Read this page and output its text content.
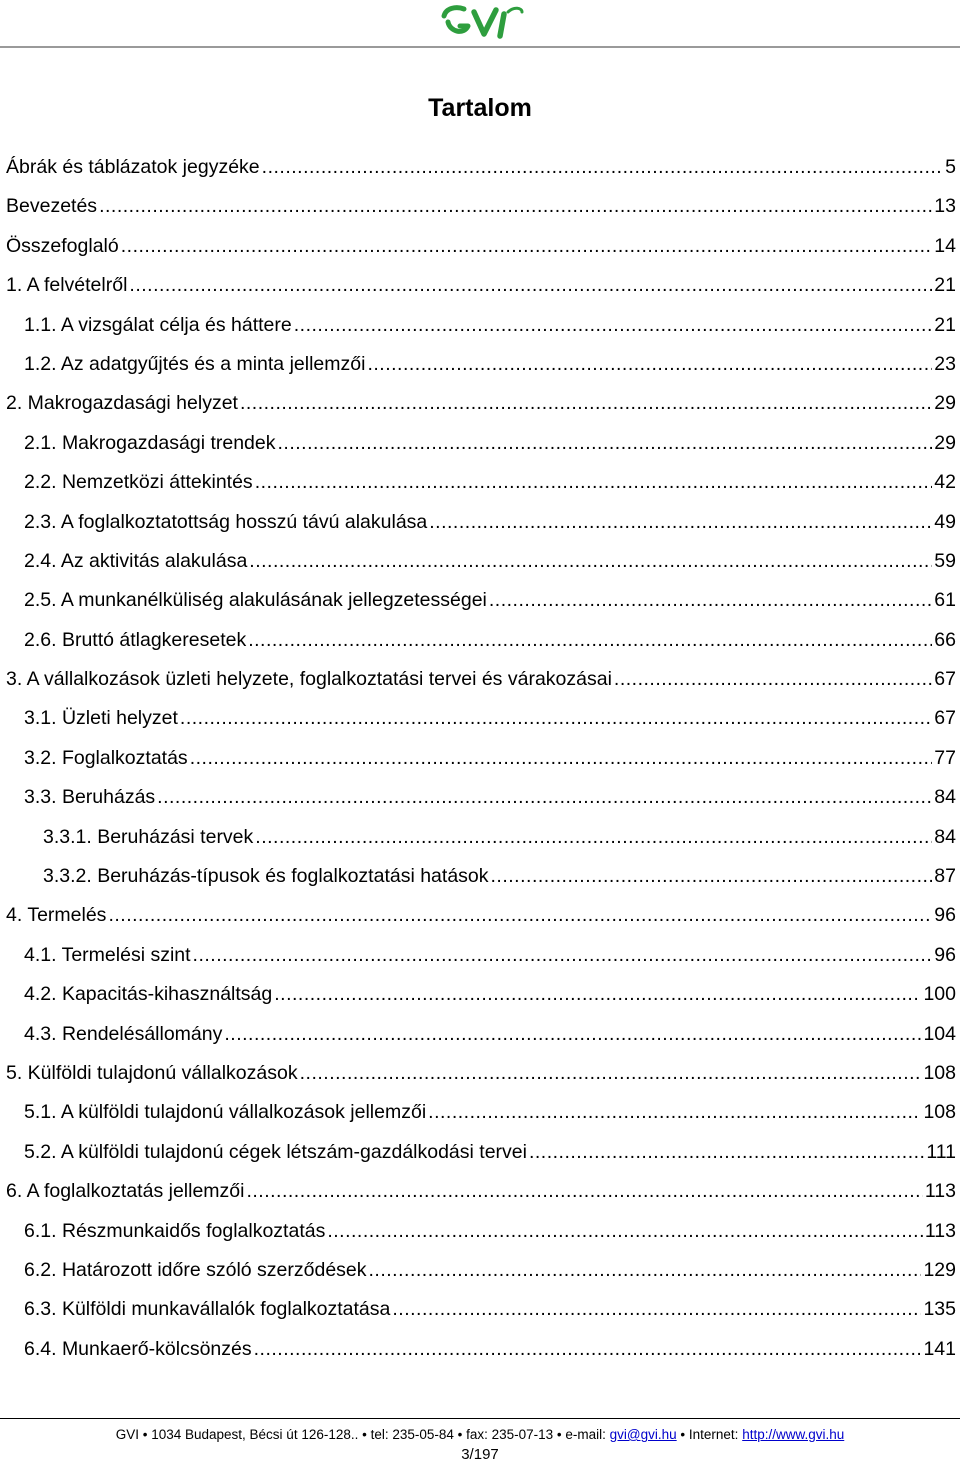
Tartalom
Ábrák és táblázatok jegyzéke .....	5
Bevezetés .....	13
Összefoglaló .....	14
1. A felvételről .....	21
1.1. A vizsgálat célja és háttere .....	21
1.2. Az adatgyűjtés és a minta jellemzői .....	23
2. Makrogazdasági helyzet .....	29
2.1. Makrogazdasági trendek .....	29
2.2. Nemzetközi áttekintés .....	42
2.3. A foglalkoztatottság hosszú távú alakulása .....	49
2.4. Az aktivitás alakulása .....	59
2.5. A munkanélküliség alakulásának jellegzetességei .....	61
2.6. Bruttó átlagkeresetek .....	66
3. A vállalkozások üzleti helyzete, foglalkoztatási tervei és várakozásai .....	67
3.1. Üzleti helyzet .....	67
3.2. Foglalkoztatás .....	77
3.3. Beruházás .....	84
3.3.1. Beruházási tervek .....	84
3.3.2. Beruházás-típusok és foglalkoztatási hatások .....	87
4. Termelés .....	96
4.1. Termelési szint .....	96
4.2. Kapacitás-kihasználtság .....	100
4.3. Rendelésállomány .....	104
5. Külföldi tulajdonú vállalkozások .....	108
5.1. A külföldi tulajdonú vállalkozások jellemzői .....	108
5.2. A külföldi tulajdonú cégek létszám-gazdálkodási tervei .....	111
6. A foglalkoztatás jellemzői .....	113
6.1. Részmunkaidős foglalkoztatás .....	113
6.2. Határozott időre szóló szerződések .....	129
6.3. Külföldi munkavállalók foglalkoztatása .....	135
6.4. Munkaerő-kölcsönzés .....	141
GVI • 1034 Budapest, Bécsi út 126-128.. • tel: 235-05-84 • fax: 235-07-13 • e-mail: gvi@gvi.hu • Internet: http://www.gvi.hu
3/197
